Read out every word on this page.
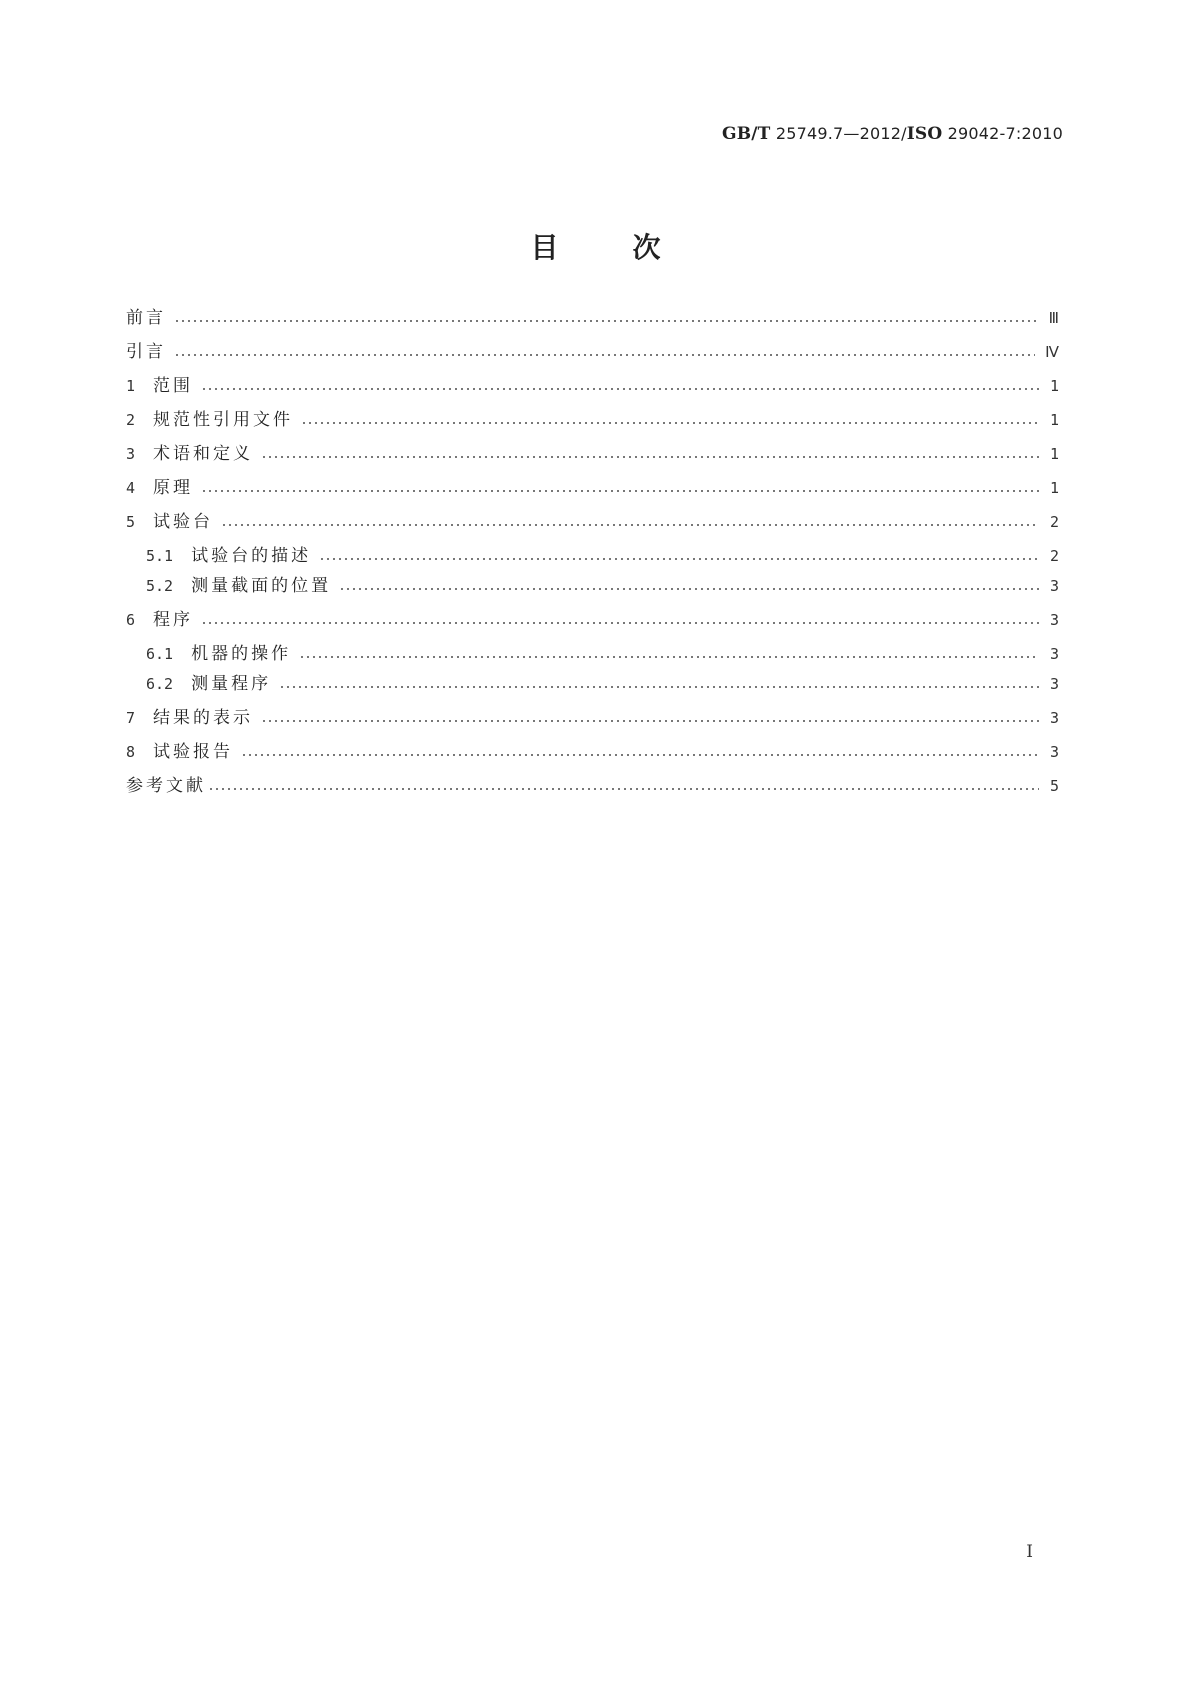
GB/T 25749.7—2012/ISO 29042-7:2010
目	次
前言	Ⅲ
引言	Ⅳ
1 范围	1
2 规范性引用文件	1
3 术语和定义	1
4 原理	1
5 试验台	2
5.1 试验台的描述	2
5.2 测量截面的位置	3
6 程序	3
6.1 机器的操作	3
6.2 测量程序	3
7 结果的表示	3
8 试验报告	3
参考文献	5
I
